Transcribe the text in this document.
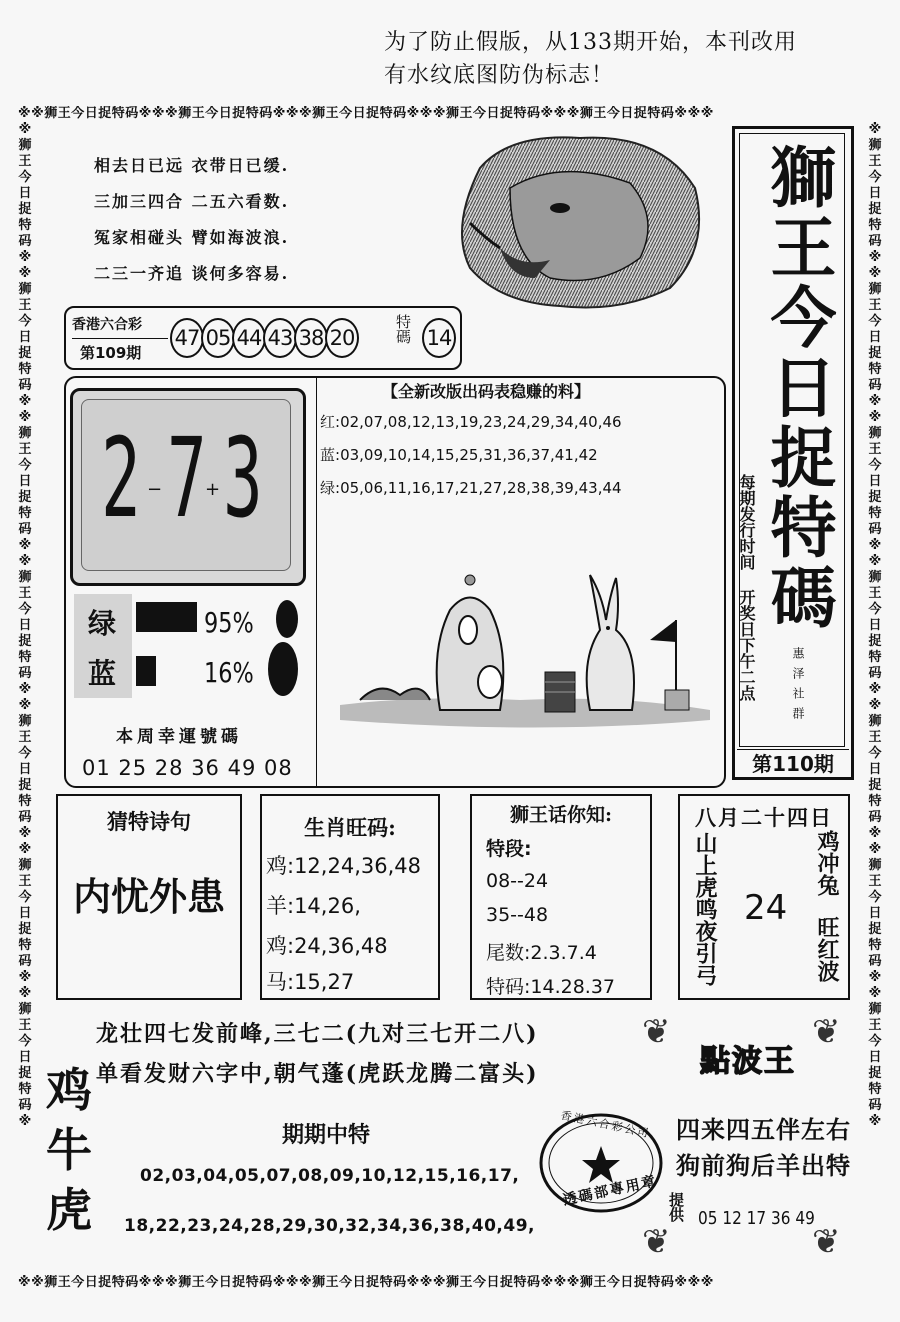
※※狮王今日捉特码※※※狮王今日捉特码※※※狮王今日捉特码※※※狮王今日捉特码※※※狮王今日捉特码※※※
※※狮王今日捉特码※※※狮王今日捉特码※※※狮王今日捉特码※※※狮王今日捉特码※※※狮王今日捉特码※※※
※狮王今日捉特码※※狮王今日捉特码※※狮王今日捉特码※※狮王今日捉特码※※狮王今日捉特码※※狮王今日捉特码※※狮王今日捉特码※
※狮王今日捉特码※※狮王今日捉特码※※狮王今日捉特码※※狮王今日捉特码※※狮王今日捉特码※※狮王今日捉特码※※狮王今日捉特码※
为了防止假版，从133期开始，本刊改用
有水纹底图防伪标志！
相去日已远 衣带日已缓.
三加三四合 二五六看数.
冤家相碰头 臂如海波浪.
二三一齐追 谈何多容易.
香港六合彩
第109期
47 05 44 43 38 20	特碼 14	獅王今日捉特碼
每期发行时间 开奖日下午二点	惠泽社群
第110期
2 − 7
+ 3
绿
蓝
95%
16%
本周幸運號碼
01 25 28 36 49 08
【全新改版出码表稳赚的料】
红:02,07,08,12,13,19,23,24,29,34,40,46
蓝:03,09,10,14,15,25,31,36,37,41,42
绿:05,06,11,16,17,21,27,28,38,39,43,44
猜特诗句
内忧外患
生肖旺码:
鸡:12,24,36,48
羊:14,26,
鸡:24,36,48
马:15,27
狮王话你知:
特段:
08--24
35--48
尾数:2.3.7.4
特码:14.28.37
八月二十四日
山上虎鸣夜引弓 24
鸡冲兔
旺红波
龙壮四七发前峰,三七二(九对三七开二八)
单看发财六字中,朝气蓬(虎跃龙腾二富头)
鸡
牛
虎
期期中特
02,03,04,05,07,08,09,10,12,15,16,17,
18,22,23,24,28,29,30,32,34,36,38,40,49,
❦	❦
❦	❦
點波王
香港六合彩公司
透碼部專用章
四来四五伴左右
狗前狗后羊出特
提供 05 12 17 36 49
